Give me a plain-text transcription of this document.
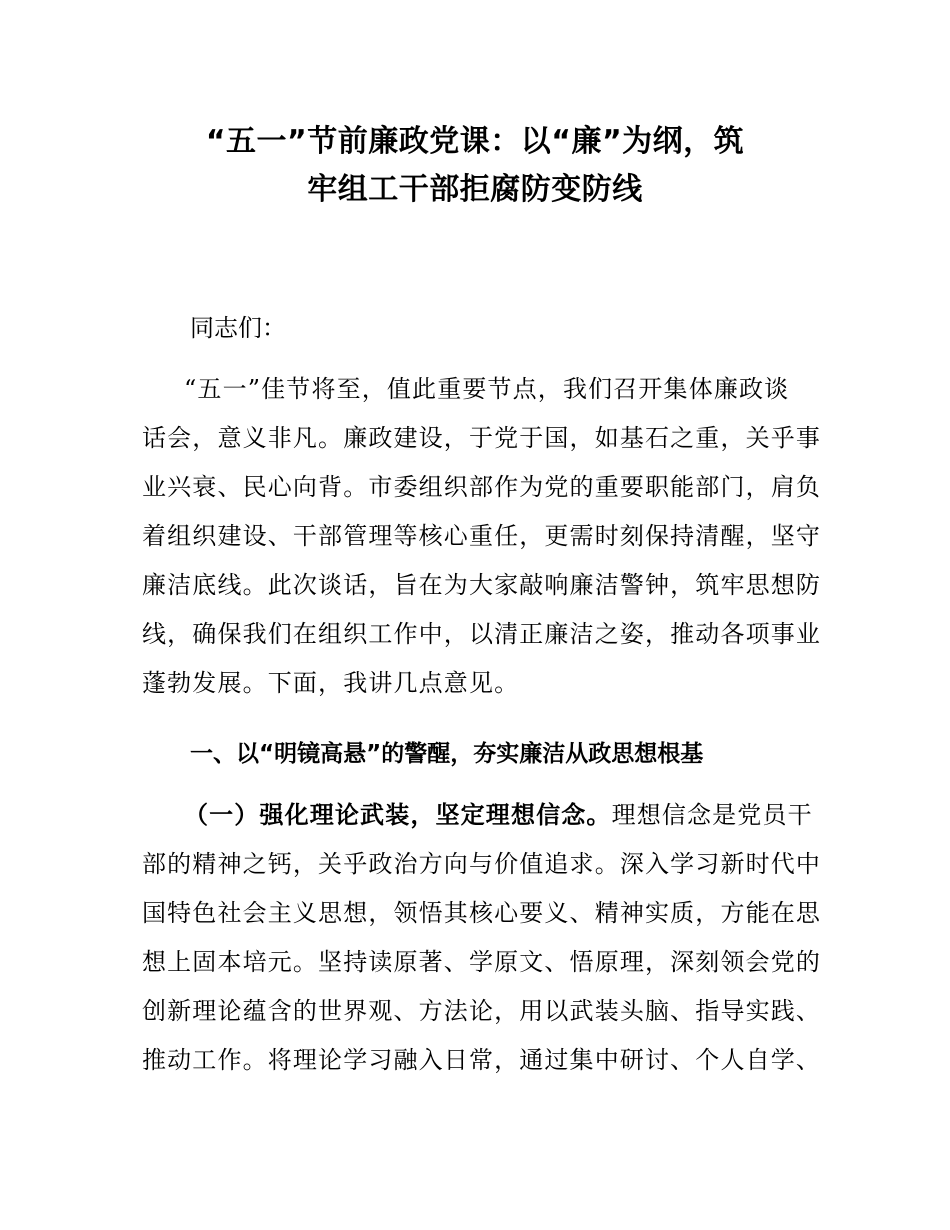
“五一”节前廉政党课：以“廉”为纲，筑
牢组工干部拒腐防变防线
同志们：
“五一”佳节将至，值此重要节点，我们召开集体廉政谈
话会，意义非凡。廉政建设，于党于国，如基石之重，关乎事
业兴衰、民心向背。市委组织部作为党的重要职能部门，肩负
着组织建设、干部管理等核心重任，更需时刻保持清醒，坚守
廉洁底线。此次谈话，旨在为大家敲响廉洁警钟，筑牢思想防
线，确保我们在组织工作中，以清正廉洁之姿，推动各项事业
蓬勃发展。下面，我讲几点意见。
一、以“明镜高悬”的警醒，夯实廉洁从政思想根基
（一）强化理论武装，坚定理想信念。理想信念是党员干
部的精神之钙，关乎政治方向与价值追求。深入学习新时代中
国特色社会主义思想，领悟其核心要义、精神实质，方能在思
想上固本培元。坚持读原著、学原文、悟原理，深刻领会党的
创新理论蕴含的世界观、方法论，用以武装头脑、指导实践、
推动工作。将理论学习融入日常，通过集中研讨、个人自学、
